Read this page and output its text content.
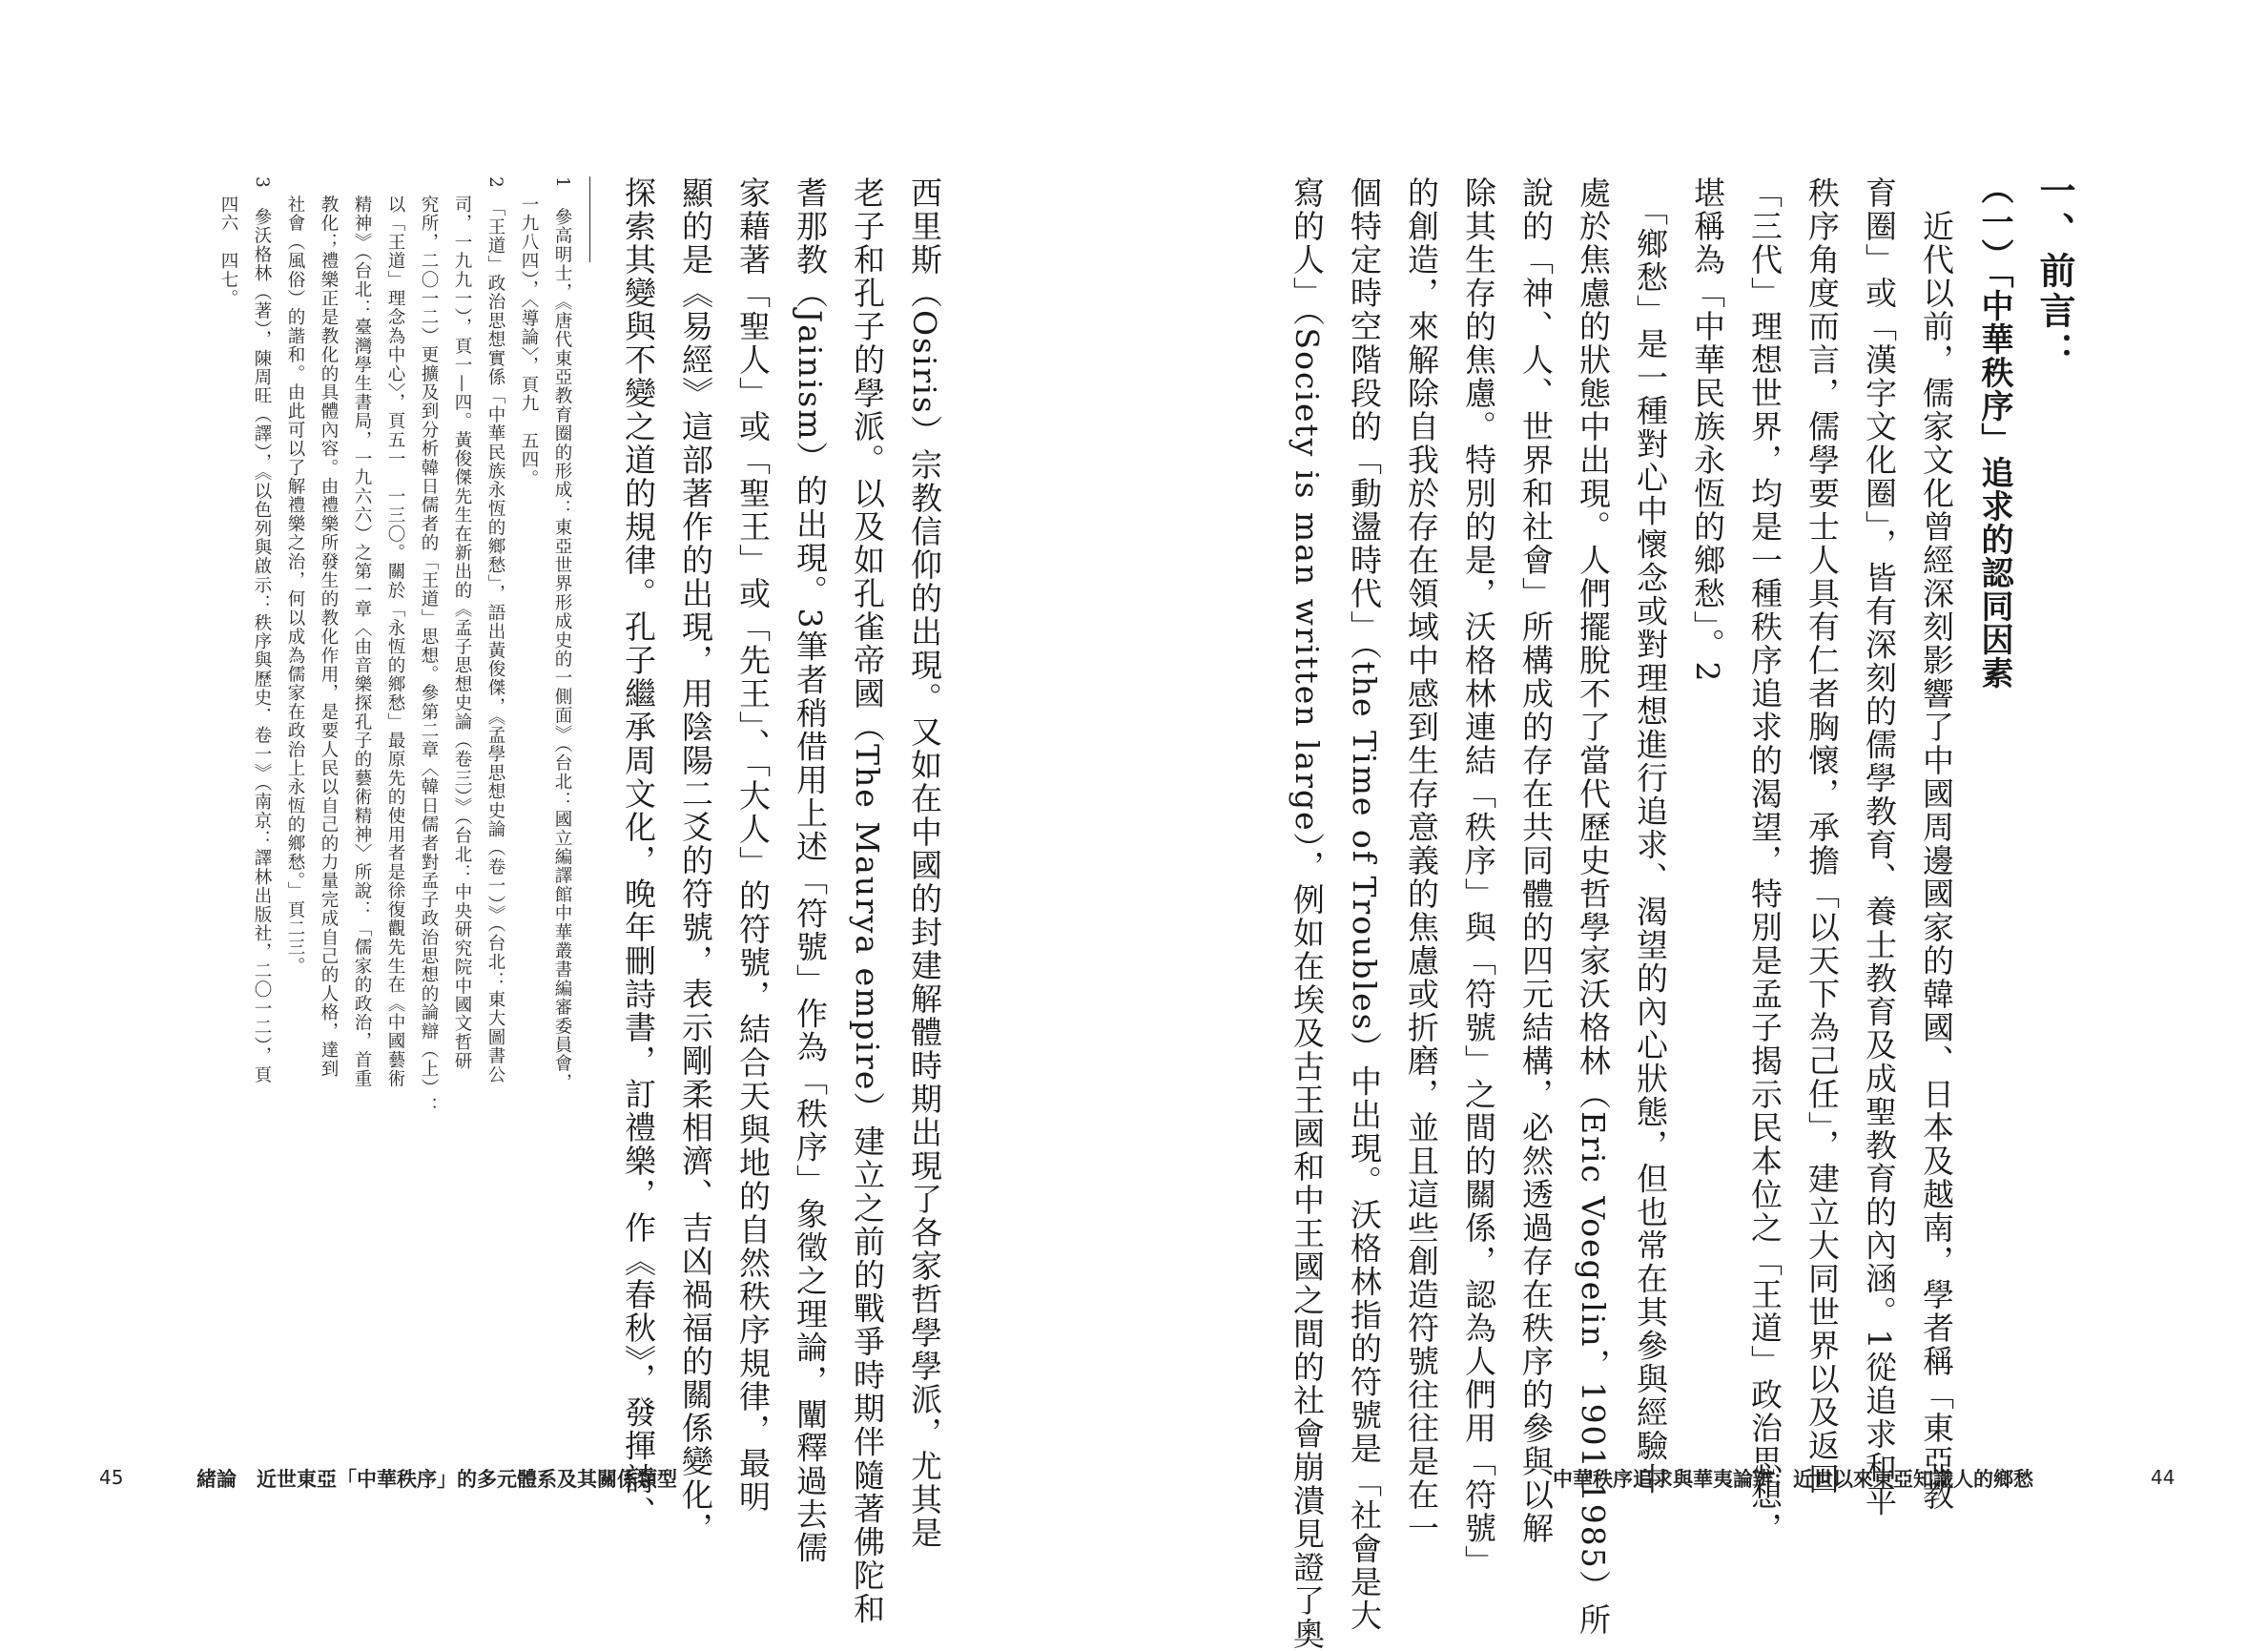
西里斯（Osiris）宗教信仰的出現。又如在中國的封建解體時期出現了各家哲學學派，尤其是
老子和孔子的學派。以及如孔雀帝國（The Maurya empire）建立之前的戰爭時期伴隨著佛陀和
耆那教（Jainism）的出現。3筆者稍借用上述「符號」作為「秩序」象徵之理論，闡釋過去儒
家藉著「聖人」或「聖王」或「先王」、「大人」的符號，結合天與地的自然秩序規律，最明
顯的是《易經》這部著作的出現，用陰陽二爻的符號，表示剛柔相濟、吉凶禍福的關係變化，
探索其變與不變之道的規律。孔子繼承周文化，晚年刪詩書，訂禮樂，作《春秋》，發揮詩、
1　參高明士，《唐代東亞教育圈的形成：東亞世界形成史的一側面》（台北：國立編譯館中華叢書編審委員會，
　一九八四），〈導論〉，頁九　五四。
2　「王道」政治思想實係「中華民族永恆的鄉愁」，語出黃俊傑，《孟學思想史論（卷一）》（台北：東大圖書公
　司，一九九一），頁一—四。黃俊傑先生在新出的《孟子思想史論（卷三）》（台北：中央研究院中國文哲研
　究所，二〇一二）更擴及到分析韓日儒者的「王道」思想。參第二章〈韓日儒者對孟子政治思想的論辯（上）：
　以「王道」理念為中心〉，頁五一　一三〇。關於「永恆的鄉愁」最原先的使用者是徐復觀先生在《中國藝術
　精神》（台北：臺灣學生書局，一九六六）之第一章〈由音樂探孔子的藝術精神〉所說：「儒家的政治，首重
　教化；禮樂正是教化的具體內容。由禮樂所發生的教化作用，是要人民以自己的力量完成自己的人格，達到
　社會（風俗）的諧和。由此可以了解禮樂之治，何以成為儒家在政治上永恆的鄉愁。」頁二三。
3　參沃格林（著），陳周旺（譯），《以色列與啟示：秩序與歷史．卷一》（南京：譯林出版社，二〇一二），頁
　四六　四七。
45	緒論　近世東亞「中華秩序」的多元體系及其關係類型
一、前言：
（一）「中華秩序」追求的認同因素
　近代以前，儒家文化曾經深刻影響了中國周邊國家的韓國、日本及越南，學者稱「東亞教
育圈」或「漢字文化圈」，皆有深刻的儒學教育、養士教育及成聖教育的內涵。1從追求和平
秩序角度而言，儒學要士人具有仁者胸懷，承擔「以天下為己任」，建立大同世界以及返回
「三代」理想世界，均是一種秩序追求的渴望，特別是孟子揭示民本位之「王道」政治思想，
堪稱為「中華民族永恆的鄉愁」。2
　「鄉愁」是一種對心中懷念或對理想進行追求、渴望的內心狀態，但也常在其參與經驗中
處於焦慮的狀態中出現。人們擺脫不了當代歷史哲學家沃格林（Eric Voegelin，1901-1985）所
說的「神、人、世界和社會」所構成的存在共同體的四元結構，必然透過存在秩序的參與以解
除其生存的焦慮。特別的是，沃格林連結「秩序」與「符號」之間的關係，認為人們用「符號」
的創造，來解除自我於存在領域中感到生存意義的焦慮或折磨，並且這些創造符號往往是在一
個特定時空階段的「動盪時代」（the Time of Troubles）中出現。沃格林指的符號是「社會是大
寫的人」（Society is man written large），例如在埃及古王國和中王國之間的社會崩潰見證了奧	中華秩序追求與華夷論辨：近世以來東亞知識人的鄉愁	44
